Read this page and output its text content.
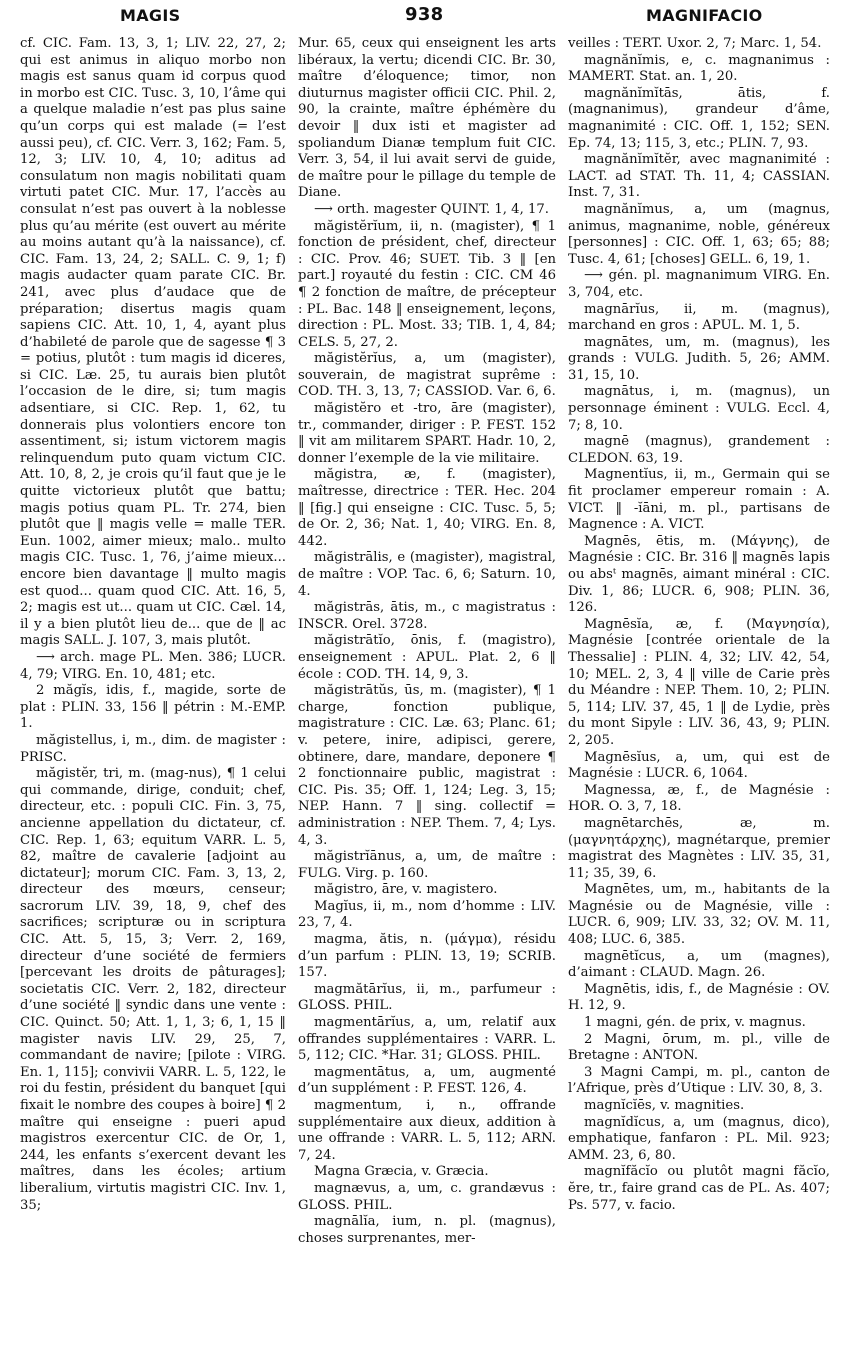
MAGIS	938	MAGNIFACIO

cf. CIC. Fam. 13, 3, 1; LIV. 22, 27, 2; qui est animus in aliquo morbo non magis est sanus quam id corpus quod in morbo est CIC. Tusc. 3, 10, l’âme qui a quelque maladie n’est pas plus saine qu’un corps qui est malade (= l’est aussi peu), cf. CIC. Verr. 3, 162; Fam. 5, 12, 3; LIV. 10, 4, 10; aditus ad consulatum non magis nobilitati quam virtuti patet CIC. Mur. 17, l’accès au consulat n’est pas ouvert à la noblesse plus qu’au mérite (est ouvert au mérite au moins autant qu’à la naissance), cf. CIC. Fam. 13, 24, 2; SALL. C. 9, 1; f) magis audacter quam parate CIC. Br. 241, avec plus d’audace que de préparation; disertus magis quam sapiens CIC. Att. 10, 1, 4, ayant plus d’habileté de parole que de sagesse ¶ 3 = potius, plutôt : tum magis id diceres, si CIC. Læ. 25, tu aurais bien plutôt l’occasion de le dire, si; tum magis adsentiare, si CIC. Rep. 1, 62, tu donnerais plus volontiers encore ton assentiment, si; istum victorem magis relinquendum puto quam victum CIC. Att. 10, 8, 2, je crois qu’il faut que je le quitte victorieux plutôt que battu; magis potius quam PL. Tr. 274, bien plutôt que ‖ magis velle = malle TER. Eun. 1002, aimer mieux; malo.. multo magis CIC. Tusc. 1, 76, j’aime mieux... encore bien davantage ‖ multo magis est quod... quam quod CIC. Att. 16, 5, 2; magis est ut... quam ut CIC. Cæl. 14, il y a bien plutôt lieu de... que de ‖ ac magis SALL. J. 107, 3, mais plutôt.

⟶ arch. mage PL. Men. 386; LUCR. 4, 79; VIRG. En. 10, 481; etc.

2 măgĭs, idis, f., magide, sorte de plat : PLIN. 33, 156 ‖ pétrin : M.-EMP. 1.

măgistellus, i, m., dim. de magister : PRISC.

măgistĕr, tri, m. (mag-nus), ¶ 1 celui qui commande, dirige, conduit; chef, directeur, etc. : populi CIC. Fin. 3, 75, ancienne appellation du dictateur, cf. CIC. Rep. 1, 63; equitum VARR. L. 5, 82, maître de cavalerie [adjoint au dictateur]; morum CIC. Fam. 3, 13, 2, directeur des mœurs, censeur; sacrorum LIV. 39, 18, 9, chef des sacrifices; scripturæ ou in scriptura CIC. Att. 5, 15, 3; Verr. 2, 169, directeur d’une société de fermiers [percevant les droits de pâturages]; societatis CIC. Verr. 2, 182, directeur d’une société ‖ syndic dans une vente : CIC. Quinct. 50; Att. 1, 1, 3; 6, 1, 15 ‖ magister navis LIV. 29, 25, 7, commandant de navire; [pilote : VIRG. En. 1, 115]; convivii VARR. L. 5, 122, le roi du festin, président du banquet [qui fixait le nombre des coupes à boire] ¶ 2 maître qui enseigne : pueri apud magistros exercentur CIC. de Or, 1, 244, les enfants s’exercent devant les maîtres, dans les écoles; artium liberalium, virtutis magistri CIC. Inv. 1, 35;

Mur. 65, ceux qui enseignent les arts libéraux, la vertu; dicendi CIC. Br. 30, maître d’éloquence; timor, non diuturnus magister officii CIC. Phil. 2, 90, la crainte, maître éphémère du devoir ‖ dux isti et magister ad spoliandum Dianæ templum fuit CIC. Verr. 3, 54, il lui avait servi de guide, de maître pour le pillage du temple de Diane.

⟶ orth. magester QUINT. 1, 4, 17.

măgistĕrĭum, ii, n. (magister), ¶ 1 fonction de président, chef, directeur : CIC. Prov. 46; SUET. Tib. 3 ‖ [en part.] royauté du festin : CIC. CM 46 ¶ 2 fonction de maître, de précepteur : PL. Bac. 148 ‖ enseignement, leçons, direction : PL. Most. 33; TIB. 1, 4, 84; CELS. 5, 27, 2.

măgistĕrĭus, a, um (magister), souverain, de magistrat suprême : COD. TH. 3, 13, 7; CASSIOD. Var. 6, 6.

măgistĕro et -tro, āre (magister), tr., commander, diriger : P. FEST. 152 ‖ vit am militarem SPART. Hadr. 10, 2, donner l’exemple de la vie militaire.

măgistra, æ, f. (magister), maîtresse, directrice : TER. Hec. 204 ‖ [fig.] qui enseigne : CIC. Tusc. 5, 5; de Or. 2, 36; Nat. 1, 40; VIRG. En. 8, 442.

măgistrālis, e (magister), magistral, de maître : VOP. Tac. 6, 6; Saturn. 10, 4.

măgistrās, ātis, m., c magistratus : INSCR. Orel. 3728.

măgistrātĭo, ōnis, f. (magistro), enseignement : APUL. Plat. 2, 6 ‖ école : COD. TH. 14, 9, 3.

măgistrātŭs, ūs, m. (magister), ¶ 1 charge, fonction publique, magistrature : CIC. Læ. 63; Planc. 61; v. petere, inire, adipisci, gerere, obtinere, dare, mandare, deponere ¶ 2 fonctionnaire public, magistrat : CIC. Pis. 35; Off. 1, 124; Leg. 3, 15; NEP. Hann. 7 ‖ sing. collectif = administration : NEP. Them. 7, 4; Lys. 4, 3.

măgistrĭānus, a, um, de maître : FULG. Virg. p. 160.

măgistro, āre, v. magistero.

Magĭus, ii, m., nom d’homme : LIV. 23, 7, 4.

magma, ătis, n. (μάγμα), résidu d’un parfum : PLIN. 13, 19; SCRIB. 157.

magmătārĭus, ii, m., parfumeur : GLOSS. PHIL.

magmentārĭus, a, um, relatif aux offrandes supplémentaires : VARR. L. 5, 112; CIC. *Har. 31; GLOSS. PHIL.

magmentātus, a, um, augmenté d’un supplément : P. FEST. 126, 4.

magmentum, i, n., offrande supplémentaire aux dieux, addition à une offrande : VARR. L. 5, 112; ARN. 7, 24.

Magna Græcia, v. Græcia.

magnævus, a, um, c. grandævus : GLOSS. PHIL.

magnālĭa, ium, n. pl. (magnus), choses surprenantes, mer-

veilles : TERT. Uxor. 2, 7; Marc. 1, 54.

magnănĭmis, e, c. magnanimus : MAMERT. Stat. an. 1, 20.

magnănĭmĭtās, ātis, f. (magnanimus), grandeur d’âme, magnanimité : CIC. Off. 1, 152; SEN. Ep. 74, 13; 115, 3, etc.; PLIN. 7, 93.

magnănĭmĭtĕr, avec magnanimité : LACT. ad STAT. Th. 11, 4; CASSIAN. Inst. 7, 31.

magnănĭmus, a, um (magnus, animus, magnanime, noble, généreux [personnes] : CIC. Off. 1, 63; 65; 88; Tusc. 4, 61; [choses] GELL. 6, 19, 1.

⟶ gén. pl. magnanimum VIRG. En. 3, 704, etc.

magnārĭus, ii, m. (magnus), marchand en gros : APUL. M. 1, 5.

magnātes, um, m. (magnus), les grands : VULG. Judith. 5, 26; AMM. 31, 15, 10.

magnātus, i, m. (magnus), un personnage éminent : VULG. Eccl. 4, 7; 8, 10.

magnē (magnus), grandement : CLEDON. 63, 19.

Magnentĭus, ii, m., Germain qui se fit proclamer empereur romain : A. VICT. ‖ -ĭāni, m. pl., partisans de Magnence : A. VICT.

Magnēs, ētis, m. (Μάγνης), de Magnésie : CIC. Br. 316 ‖ magnēs lapis ou absᵗ magnēs, aimant minéral : CIC. Div. 1, 86; LUCR. 6, 908; PLIN. 36, 126.

Magnēsĭa, æ, f. (Μαγνησία), Magnésie [contrée orientale de la Thessalie] : PLIN. 4, 32; LIV. 42, 54, 10; MEL. 2, 3, 4 ‖ ville de Carie près du Méandre : NEP. Them. 10, 2; PLIN. 5, 114; LIV. 37, 45, 1 ‖ de Lydie, près du mont Sipyle : LIV. 36, 43, 9; PLIN. 2, 205.

Magnēsĭus, a, um, qui est de Magnésie : LUCR. 6, 1064.

Magnessa, æ, f., de Magnésie : HOR. O. 3, 7, 18.

magnētarchēs, æ, m. (μαγνητάρχης), magnétarque, premier magistrat des Magnètes : LIV. 35, 31, 11; 35, 39, 6.

Magnētes, um, m., habitants de la Magnésie ou de Magnésie, ville : LUCR. 6, 909; LIV. 33, 32; OV. M. 11, 408; LUC. 6, 385.

magnētĭcus, a, um (magnes), d’aimant : CLAUD. Magn. 26.

Magnētis, idis, f., de Magnésie : OV. H. 12, 9.

1 magni, gén. de prix, v. magnus.

2 Magni, ōrum, m. pl., ville de Bretagne : ANTON.

3 Magni Campi, m. pl., canton de l’Afrique, près d’Utique : LIV. 30, 8, 3.

magnĭcĭēs, v. magnities.

magnĭdĭcus, a, um (magnus, dico), emphatique, fanfaron : PL. Mil. 923; AMM. 23, 6, 80.

magnĭfăcĭo ou plutôt magni făcĭo, ĕre, tr., faire grand cas de PL. As. 407; Ps. 577, v. facio.
